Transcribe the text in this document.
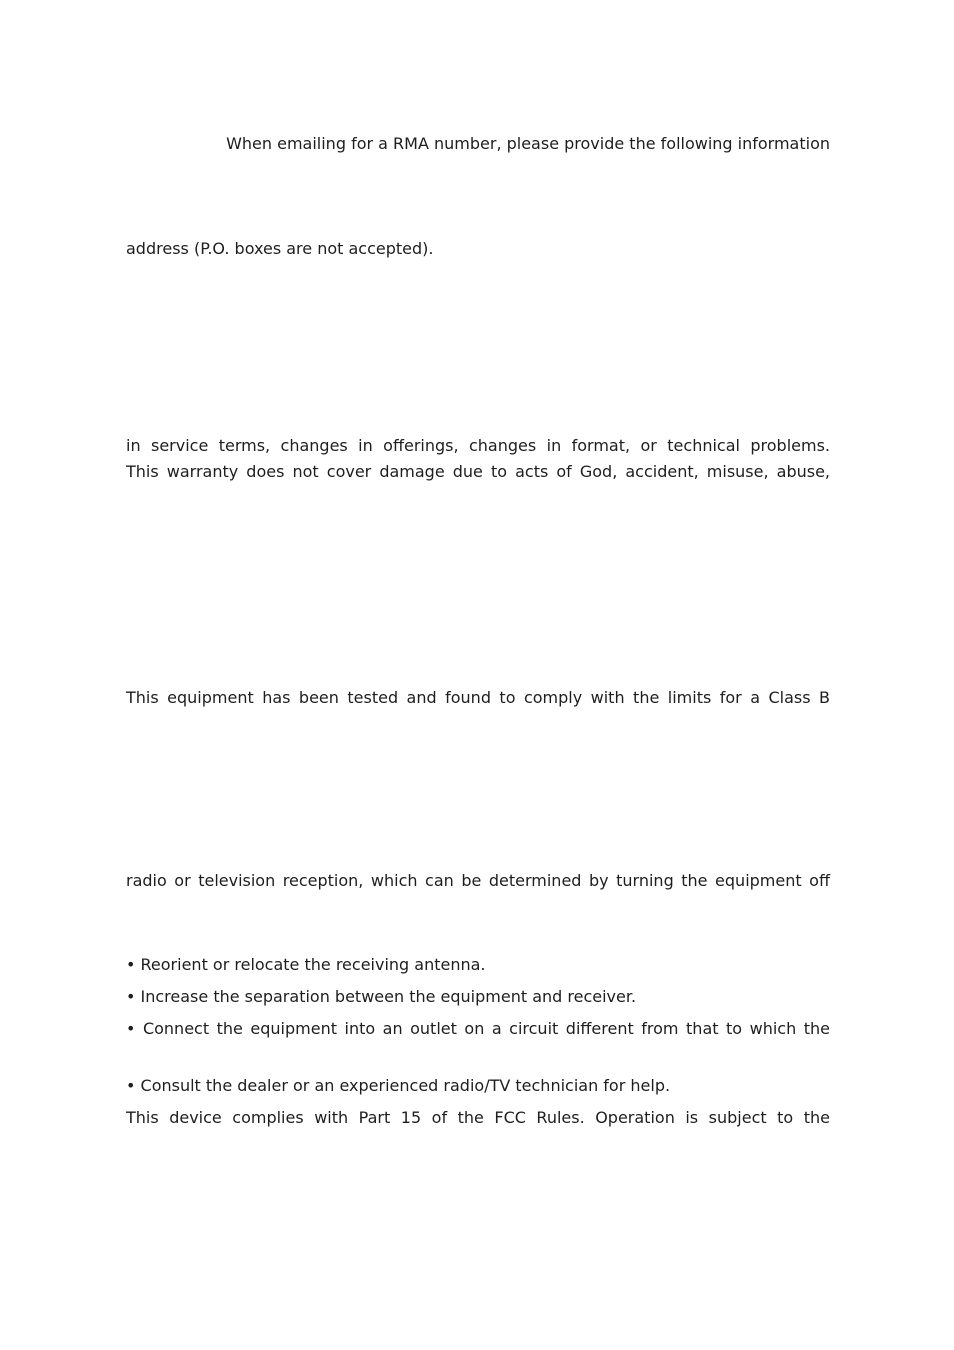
When emailing for a RMA number, please provide the following information
address (P.O. boxes are not accepted).
in service terms, changes in offerings, changes in format, or technical problems.
This warranty does not cover damage due to acts of God, accident, misuse, abuse,
This equipment has been tested and found to comply with the limits for a Class B
radio or television reception, which can be determined by turning the equipment off
• Reorient or relocate the receiving antenna.
• Increase the separation between the equipment and receiver.
• Connect the equipment into an outlet on a circuit different from that to which the
• Consult the dealer or an experienced radio/TV technician for help.
This device complies with Part 15 of the FCC Rules. Operation is subject to the
